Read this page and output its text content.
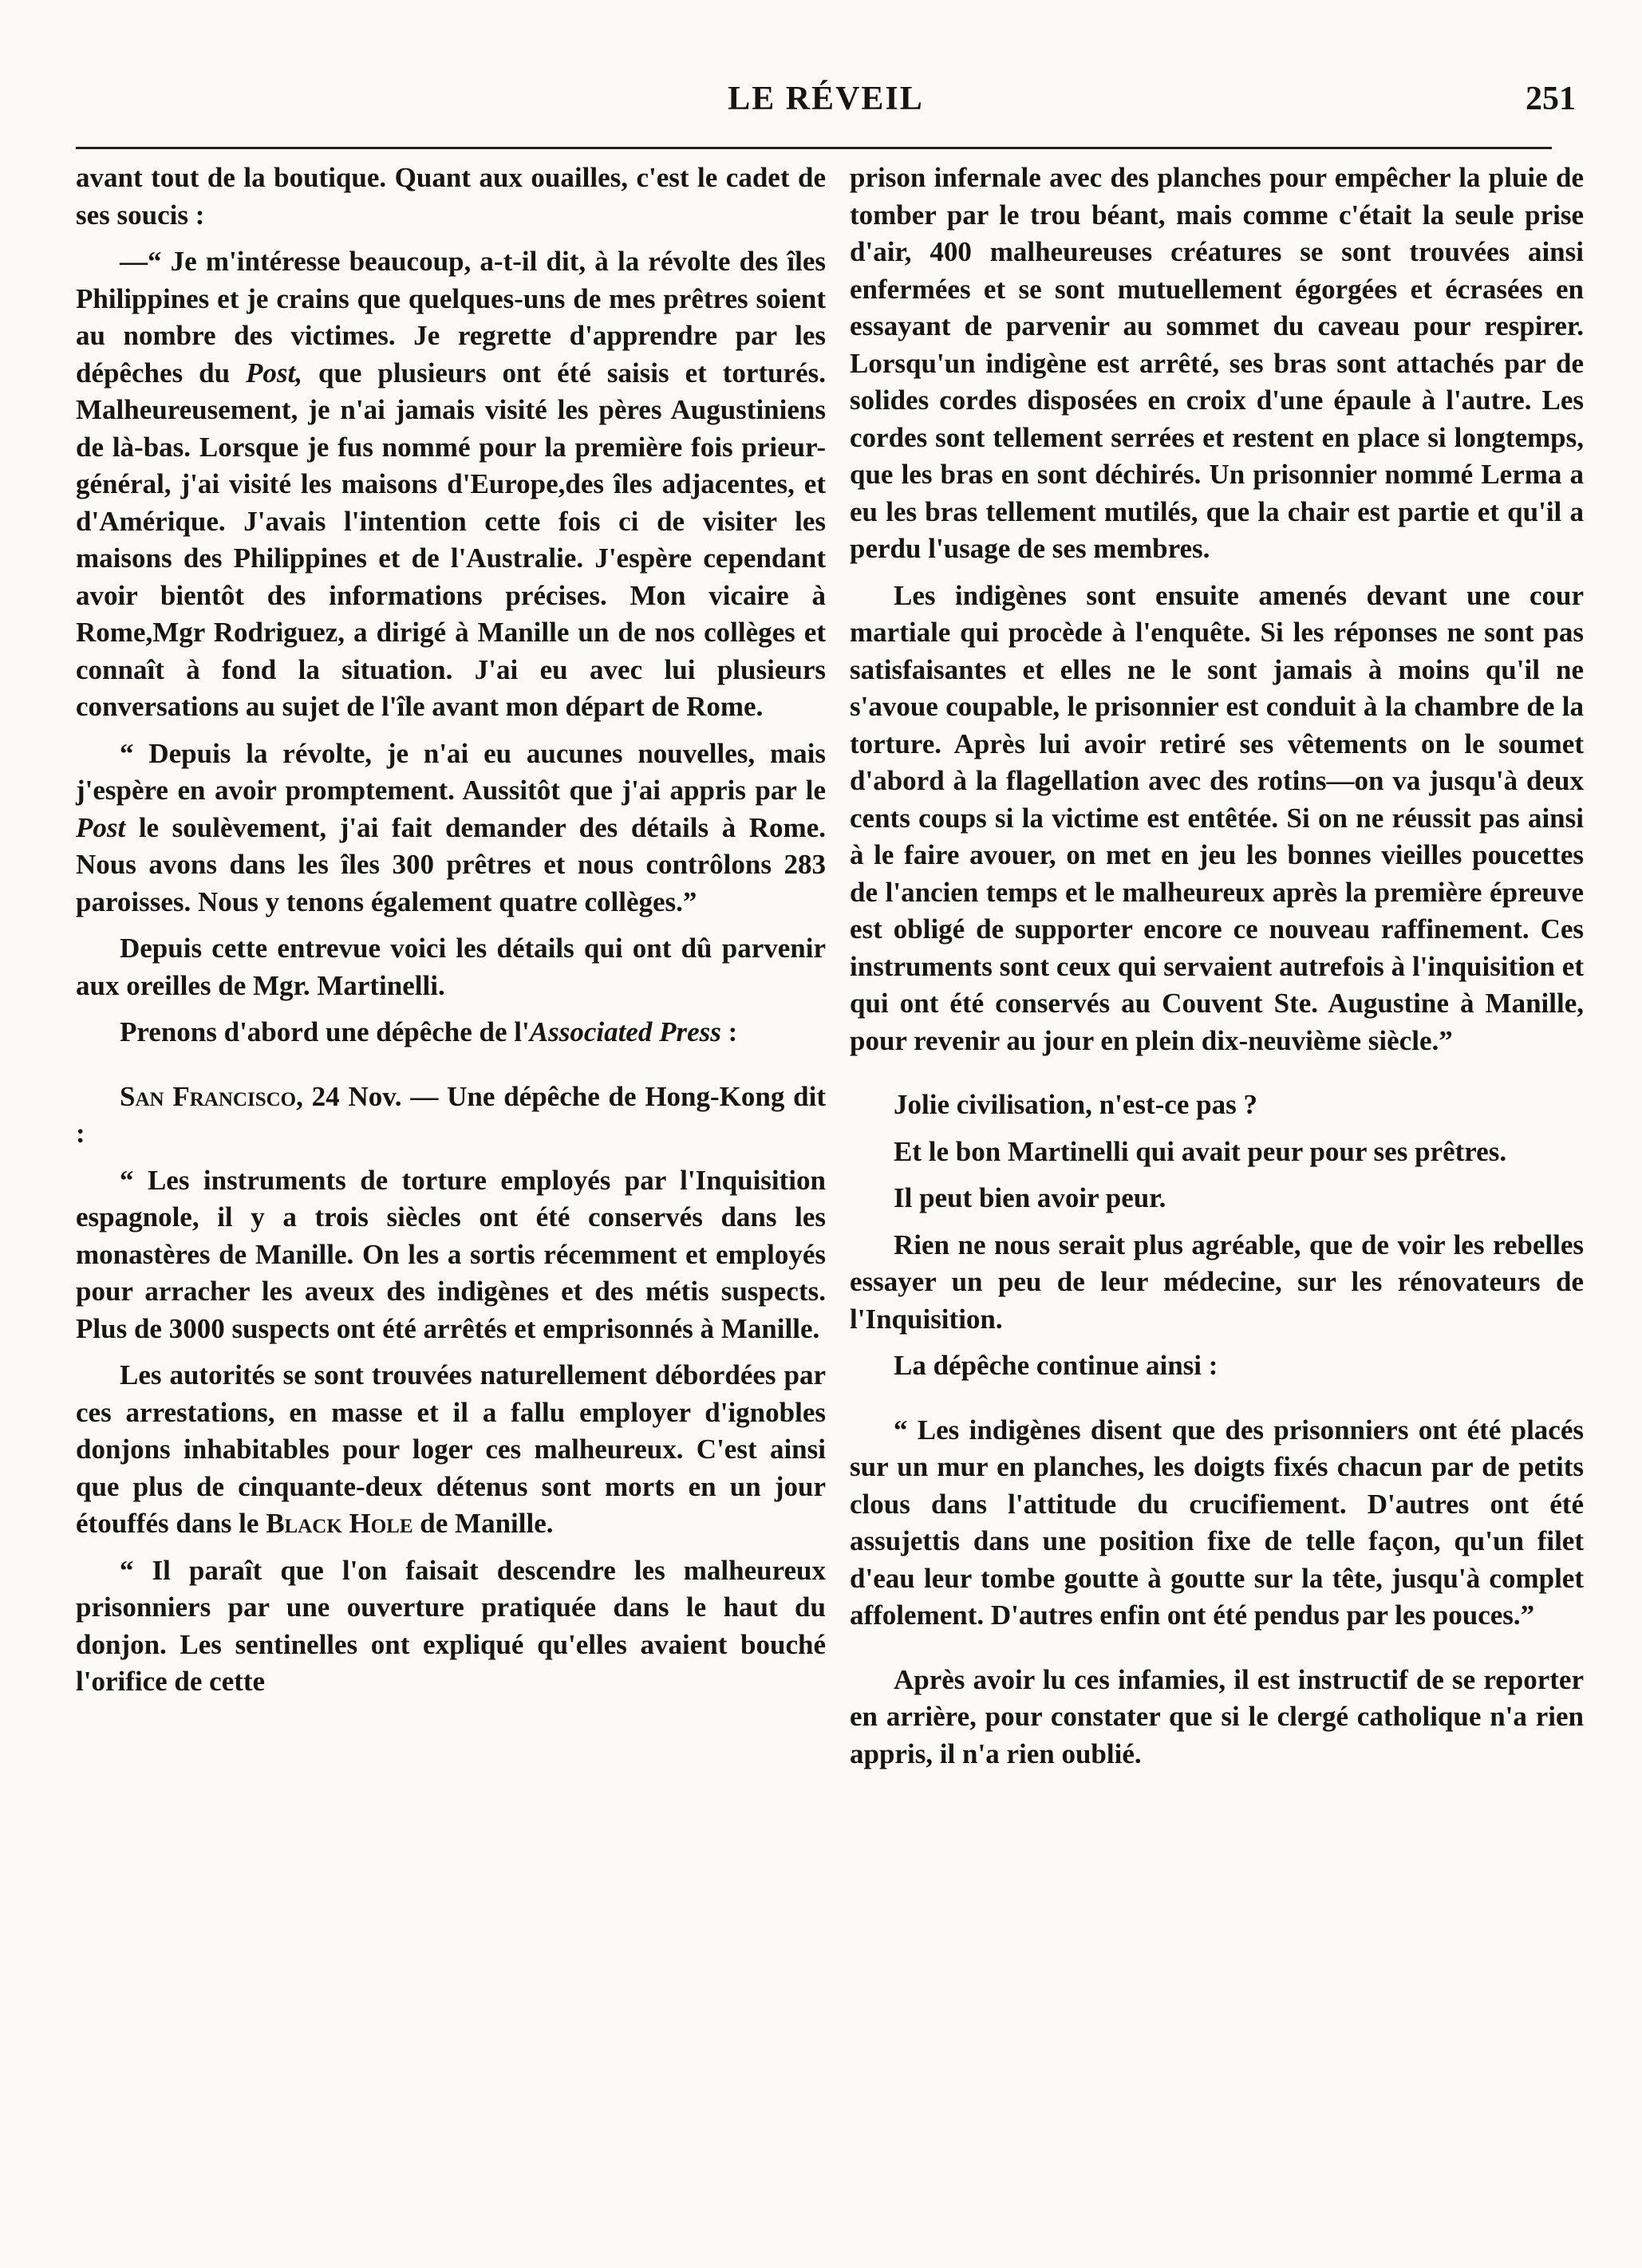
LE RÉVEIL	251

avant tout de la boutique. Quant aux ouailles, c'est le cadet de ses soucis :

—“ Je m'intéresse beaucoup, a-t-il dit, à la révolte des îles Philippines et je crains que quelques-uns de mes prêtres soient au nombre des victimes. Je regrette d'apprendre par les dépêches du Post, que plusieurs ont été saisis et torturés. Malheureusement, je n'ai jamais visité les pères Augustiniens de là-bas. Lorsque je fus nommé pour la première fois prieur-général, j'ai visité les maisons d'Europe,des îles adjacentes, et d'Amérique. J'avais l'intention cette fois ci de visiter les maisons des Philippines et de l'Australie. J'espère cependant avoir bientôt des informations précises. Mon vicaire à Rome,Mgr Rodriguez, a dirigé à Manille un de nos collèges et connaît à fond la situation. J'ai eu avec lui plusieurs conversations au sujet de l'île avant mon départ de Rome.

“ Depuis la révolte, je n'ai eu aucunes nouvelles, mais j'espère en avoir promptement. Aussitôt que j'ai appris par le Post le soulèvement, j'ai fait demander des détails à Rome. Nous avons dans les îles 300 prêtres et nous contrôlons 283 paroisses. Nous y tenons également quatre collèges.”

Depuis cette entrevue voici les détails qui ont dû parvenir aux oreilles de Mgr. Martinelli.

Prenons d'abord une dépêche de l'Associated Press :

San Francisco, 24 Nov. — Une dépêche de Hong-Kong dit :

“ Les instruments de torture employés par l'Inquisition espagnole, il y a trois siècles ont été conservés dans les monastères de Manille. On les a sortis récemment et employés pour arracher les aveux des indigènes et des métis suspects. Plus de 3000 suspects ont été arrêtés et emprisonnés à Manille.

Les autorités se sont trouvées naturellement débordées par ces arrestations, en masse et il a fallu employer d'ignobles donjons inhabitables pour loger ces malheureux. C'est ainsi que plus de cinquante-deux détenus sont morts en un jour étouffés dans le Black Hole de Manille.

“ Il paraît que l'on faisait descendre les malheureux prisonniers par une ouverture pratiquée dans le haut du donjon. Les sentinelles ont expliqué qu'elles avaient bouché l'orifice de cette

prison infernale avec des planches pour empêcher la pluie de tomber par le trou béant, mais comme c'était la seule prise d'air, 400 malheureuses créatures se sont trouvées ainsi enfermées et se sont mutuellement égorgées et écrasées en essayant de parvenir au sommet du caveau pour respirer. Lorsqu'un indigène est arrêté, ses bras sont attachés par de solides cordes disposées en croix d'une épaule à l'autre. Les cordes sont tellement serrées et restent en place si longtemps, que les bras en sont déchirés. Un prisonnier nommé Lerma a eu les bras tellement mutilés, que la chair est partie et qu'il a perdu l'usage de ses membres.

Les indigènes sont ensuite amenés devant une cour martiale qui procède à l'enquête. Si les réponses ne sont pas satisfaisantes et elles ne le sont jamais à moins qu'il ne s'avoue coupable, le prisonnier est conduit à la chambre de la torture. Après lui avoir retiré ses vêtements on le soumet d'abord à la flagellation avec des rotins—on va jusqu'à deux cents coups si la victime est entêtée. Si on ne réussit pas ainsi à le faire avouer, on met en jeu les bonnes vieilles poucettes de l'ancien temps et le malheureux après la première épreuve est obligé de supporter encore ce nouveau raffinement. Ces instruments sont ceux qui servaient autrefois à l'inquisition et qui ont été conservés au Couvent Ste. Augustine à Manille, pour revenir au jour en plein dix-neuvième siècle.”

Jolie civilisation, n'est-ce pas ?

Et le bon Martinelli qui avait peur pour ses prêtres.

Il peut bien avoir peur.

Rien ne nous serait plus agréable, que de voir les rebelles essayer un peu de leur médecine, sur les rénovateurs de l'Inquisition.

La dépêche continue ainsi :

“ Les indigènes disent que des prisonniers ont été placés sur un mur en planches, les doigts fixés chacun par de petits clous dans l'attitude du crucifiement. D'autres ont été assujettis dans une position fixe de telle façon, qu'un filet d'eau leur tombe goutte à goutte sur la tête, jusqu'à complet affolement. D'autres enfin ont été pendus par les pouces.”

Après avoir lu ces infamies, il est instructif de se reporter en arrière, pour constater que si le clergé catholique n'a rien appris, il n'a rien oublié.
